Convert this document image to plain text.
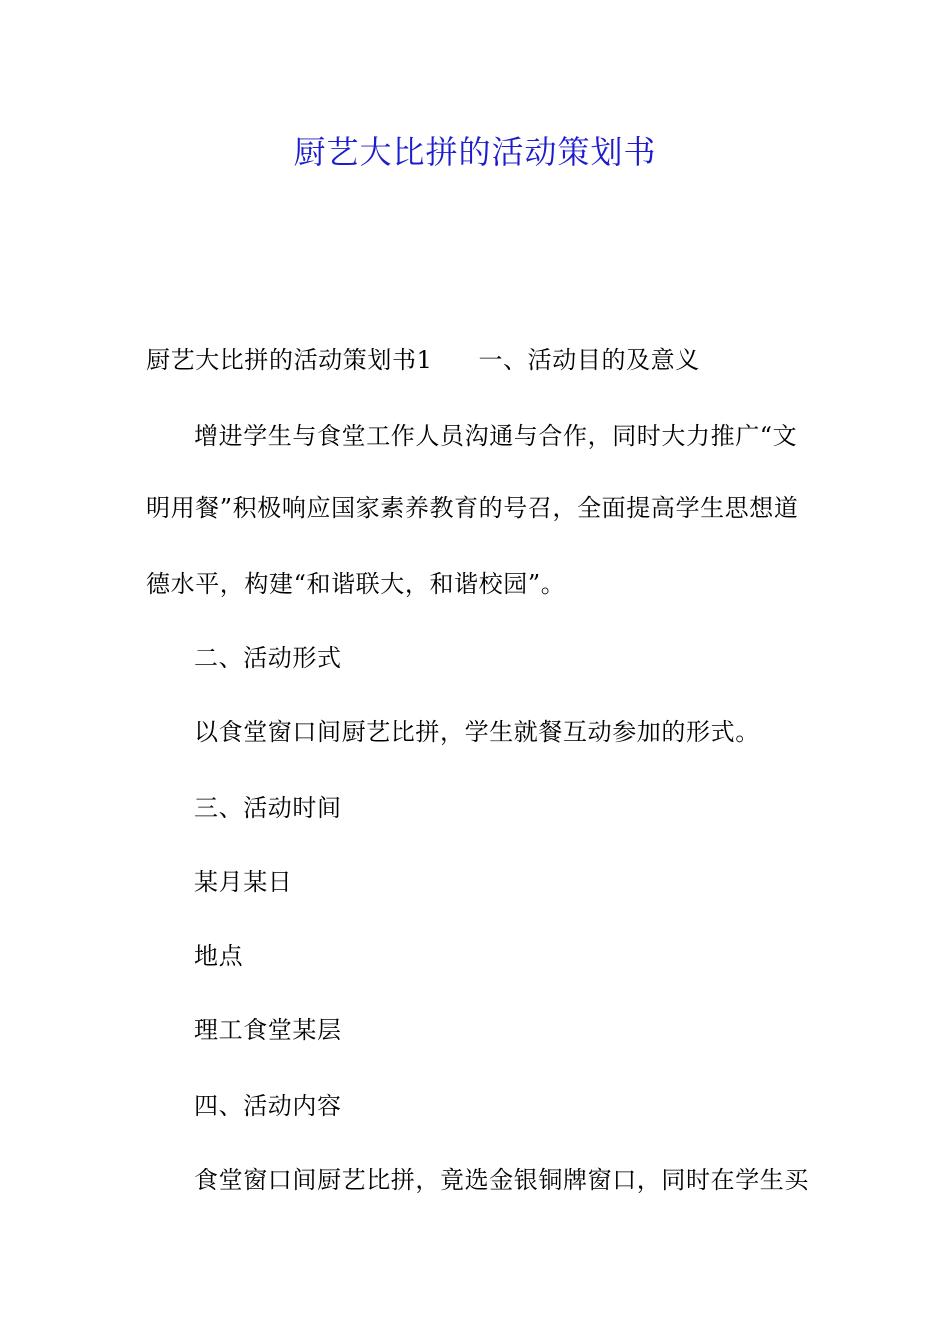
厨艺大比拼的活动策划书
厨艺大比拼的活动策划书1 一、活动目的及意义
增进学生与食堂工作人员沟通与合作，同时大力推广“文
明用餐”积极响应国家素养教育的号召，全面提高学生思想道
德水平，构建“和谐联大，和谐校园”。
二、活动形式
以食堂窗口间厨艺比拼，学生就餐互动参加的形式。
三、活动时间
某月某日
地点
理工食堂某层
四、活动内容
食堂窗口间厨艺比拼，竟选金银铜牌窗口，同时在学生买
